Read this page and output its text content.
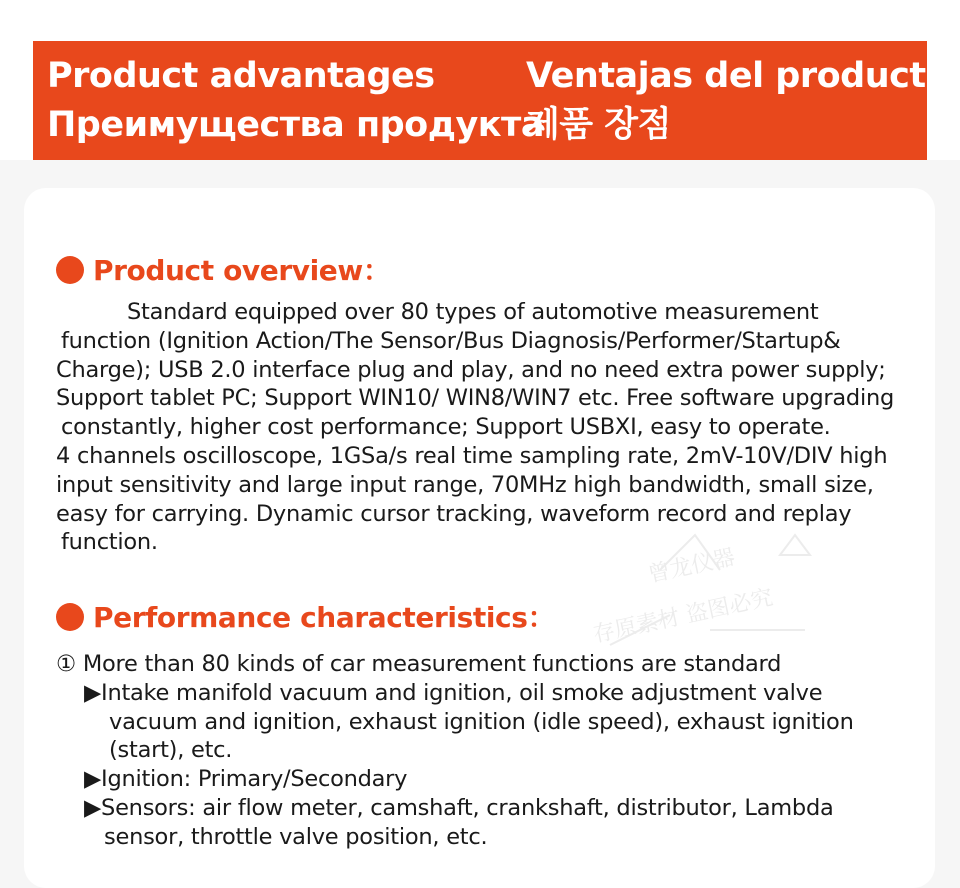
Product advantages	Ventajas del producto
Преимущества продукта
제품 장점
曾龙仪器
存原素材 盗图必究
Product overview：
Standard equipped over 80 types of automotive measurement
function (Ignition Action/The Sensor/Bus Diagnosis/Performer/Startup&
Charge); USB 2.0 interface plug and play, and no need extra power supply;
Support tablet PC; Support WIN10/ WIN8/WIN7 etc. Free software upgrading
constantly, higher cost performance; Support USBXI, easy to operate.
4 channels oscilloscope, 1GSa/s real time sampling rate, 2mV-10V/DIV high
input sensitivity and large input range, 70MHz high bandwidth, small size,
easy for carrying. Dynamic cursor tracking, waveform record and replay
function.
Performance characteristics：
① More than 80 kinds of car measurement functions are standard
▶Intake manifold vacuum and ignition, oil smoke adjustment valve
vacuum and ignition, exhaust ignition (idle speed), exhaust ignition
(start), etc.
▶Ignition: Primary/Secondary
▶Sensors: air flow meter, camshaft, crankshaft, distributor, Lambda
sensor, throttle valve position, etc.
